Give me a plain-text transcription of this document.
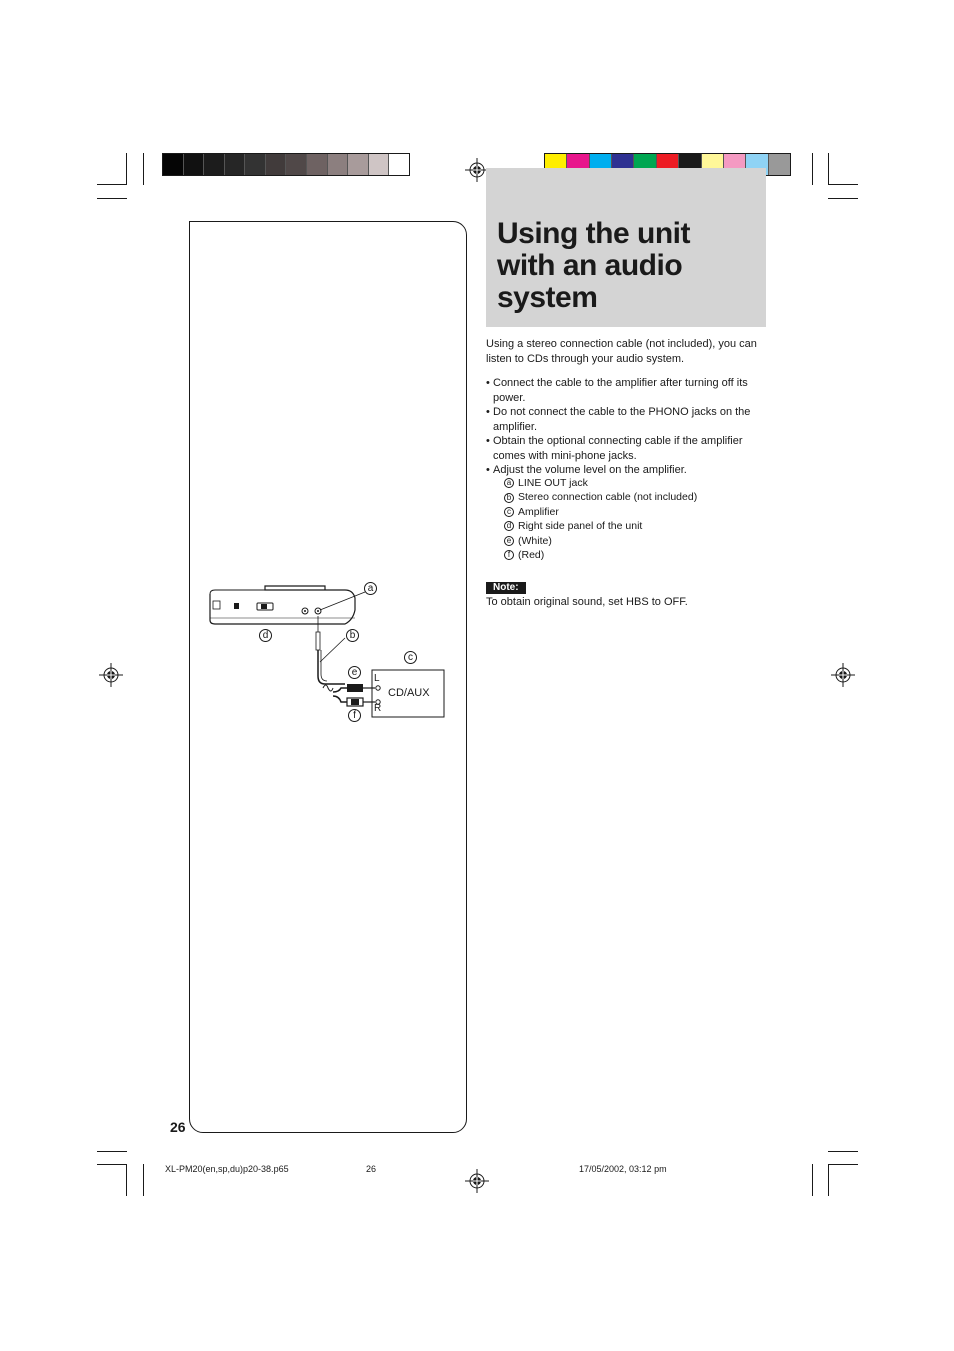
CD/AUX
L
R
a
b
c
d
e
f
Using the unit
with an audio
system
Using a stereo connection cable (not included), you can listen to CDs through your audio system.
• Connect the cable to the amplifier after turning off its power.
• Do not connect the cable to the PHONO jacks on the amplifier.
• Obtain the optional connecting cable if the amplifier comes with mini-phone jacks.
• Adjust the volume level on the amplifier.
a LINE OUT jack
b Stereo connection cable (not included)
c Amplifier
d Right side panel of the unit
e (White)
f (Red)
Note:
To obtain original sound, set HBS to OFF.
26
XL-PM20(en,sp,du)p20-38.p65	26	17/05/2002, 03:12 pm
